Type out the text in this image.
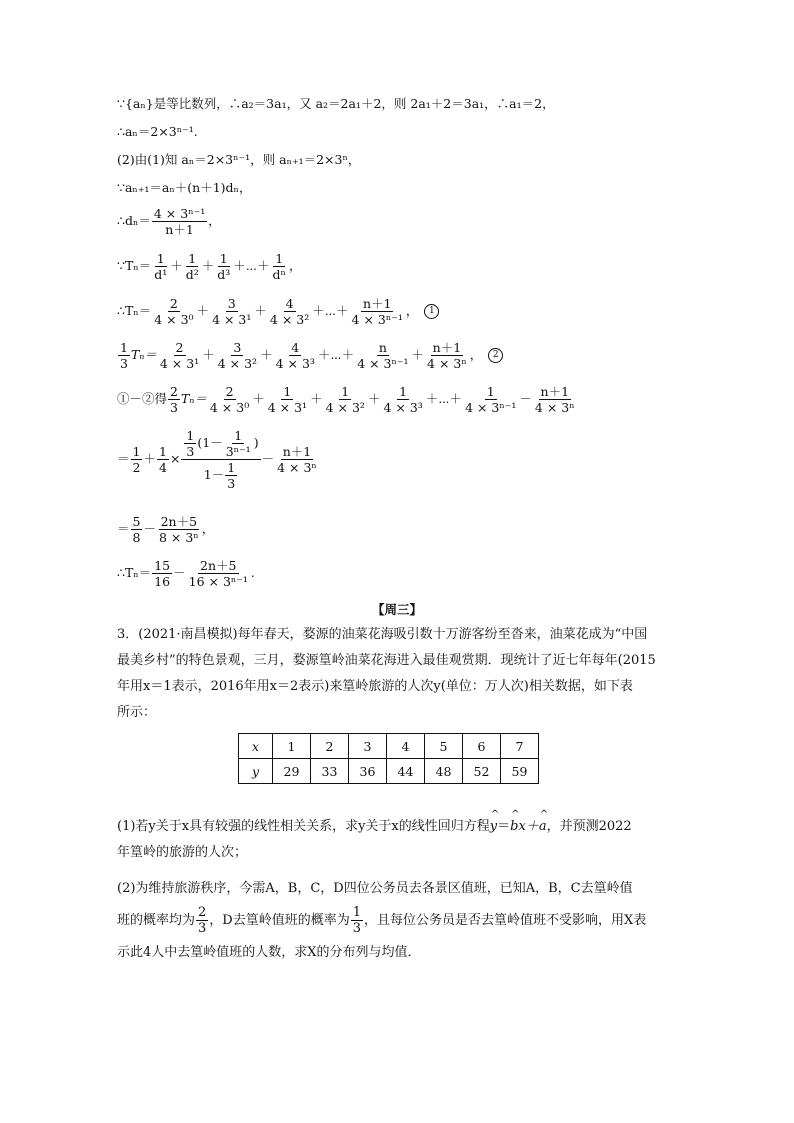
∵{aₙ}是等比数列，∴a₂＝3a₁，又 a₂＝2a₁＋2，则 2a₁＋2＝3a₁，∴a₁＝2，
∴aₙ＝2×3ⁿ⁻¹.
(2)由(1)知 aₙ＝2×3ⁿ⁻¹，则 aₙ₊₁＝2×3ⁿ，
∵aₙ₊₁＝aₙ＋(n＋1)dₙ，
∴dₙ＝ $\frac{\text{4 × 3ⁿ⁻¹}}{n+1}$ ，
∵Tₙ＝ $\frac{1}{\text{d¹}} + \frac{1}{\text{d²}} + \frac{1}{\text{d³}}$ ＋⋯＋ $\frac{1}{\text{dⁿ}}$ ，
∴Tₙ＝ $\frac{2}{\text{4 × 3⁰}} + \frac{3}{\text{4 × 3¹}} + \frac{4}{\text{4 × 3²}}$ ＋⋯＋ $\frac{n+1}{\text{4 × 3ⁿ⁻¹}}$ ， 1
$\frac{1}{3} T_n= \frac{2}{\text{4 × 3¹}} + \frac{3}{\text{4 × 3²}} + \frac{4}{\text{4 × 3³}}$ ＋⋯＋ $\frac{n}{\text{4 × 3ⁿ⁻¹}} + \frac{n+1}{\text{4 × 3ⁿ}}$ ， 2
①－②得 $\frac{2}{3} T_n= \frac{2}{\text{4 × 3⁰}} + \frac{1}{\text{4 × 3¹}} + \frac{1}{\text{4 × 3²}} + \frac{1}{\text{4 × 3³}}$ ＋⋯＋ $\frac{1}{\text{4 × 3ⁿ⁻¹}} - \frac{n+1}{\text{4 × 3ⁿ}}$
＝ $\frac{1}{2} + \frac{1}{4} \times \frac{\frac{1}{3} (1- \frac{1}{\text{3ⁿ⁻¹}} )}{1- \frac{1}{3}} - \frac{n+1}{\text{4 × 3ⁿ}}$
＝ $\frac{5}{8} - \frac{2n+5}{\text{8 × 3ⁿ}}$ ，
∴Tₙ＝ $\frac{15}{16} - \frac{2n+5}{\text{16 × 3ⁿ⁻¹}}$ .
【周三】
3．(2021·南昌模拟)每年春天，婺源的油菜花海吸引数十万游客纷至沓来，油菜花成为“中国
最美乡村”的特色景观，三月，婺源篁岭油菜花海进入最佳观赏期．现统计了近七年每年(2015
年用x＝1表示，2016年用x＝2表示)来篁岭旅游的人次y(单位：万人次)相关数据，如下表
所示：
x	1	2	3	4	5	6	7
y	29	33	36	44	48	52	59
(1)若y关于x具有较强的线性相关关系，求y关于x的线性回归方程^ y＝^ bx＋^ a，并预测2022
年篁岭的旅游的人次；
(2)为维持旅游秩序，今需A，B，C，D四位公务员去各景区值班，已知A，B，C去篁岭值
班的概率均为 $\frac{2}{3}$ ，D去篁岭值班的概率为 $\frac{1}{3}$ ，且每位公务员是否去篁岭值班不受影响，用X表
示此4人中去篁岭值班的人数，求X的分布列与均值．
